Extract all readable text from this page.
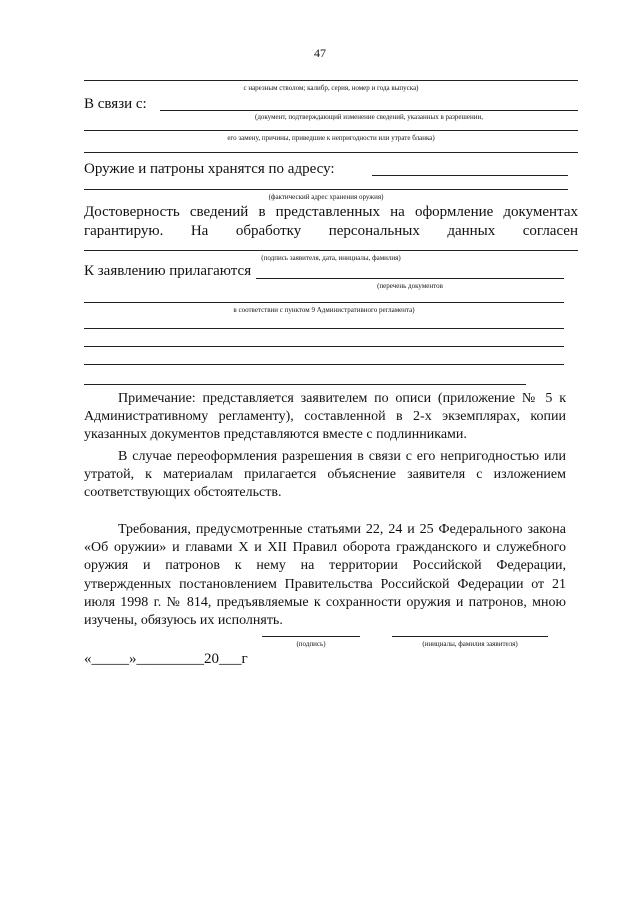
47
с нарезным стволом; калибр, серия, номер и года выпуска)
В связи с:
(документ, подтверждающий изменение сведений, указанных в разрешении,
его замену, причины, приведшие к непригодности или утрате бланка)
Оружие и патроны хранятся по адресу:
(фактический адрес хранения оружия)
Достоверность сведений в представленных на оформление документах
гарантирую. На обработку персональных данных согласен
(подпись заявителя, дата, инициалы, фамилия)
К заявлению прилагаются
(перечень документов
в соответствии с пунктом 9 Административного регламента)
Примечание: представляется заявителем по описи (приложение № 5 к Административному регламенту), составленной в 2-х экземплярах, копии указанных документов представляются вместе с подлинниками.
В случае переоформления разрешения в связи с его непригодностью или утратой, к материалам прилагается объяснение заявителя с изложением соответствующих обстоятельств.
Требования, предусмотренные статьями 22, 24 и 25 Федерального закона «Об оружии» и главами X и XII Правил оборота гражданского и служебного оружия и патронов к нему на территории Российской Федерации, утвержденных постановлением Правительства Российской Федерации от 21 июля 1998 г. № 814, предъявляемые к сохранности оружия и патронов, мною изучены, обязуюсь их исполнять.
(подпись)	(инициалы, фамилия заявителя)
«_____»_________20___г
